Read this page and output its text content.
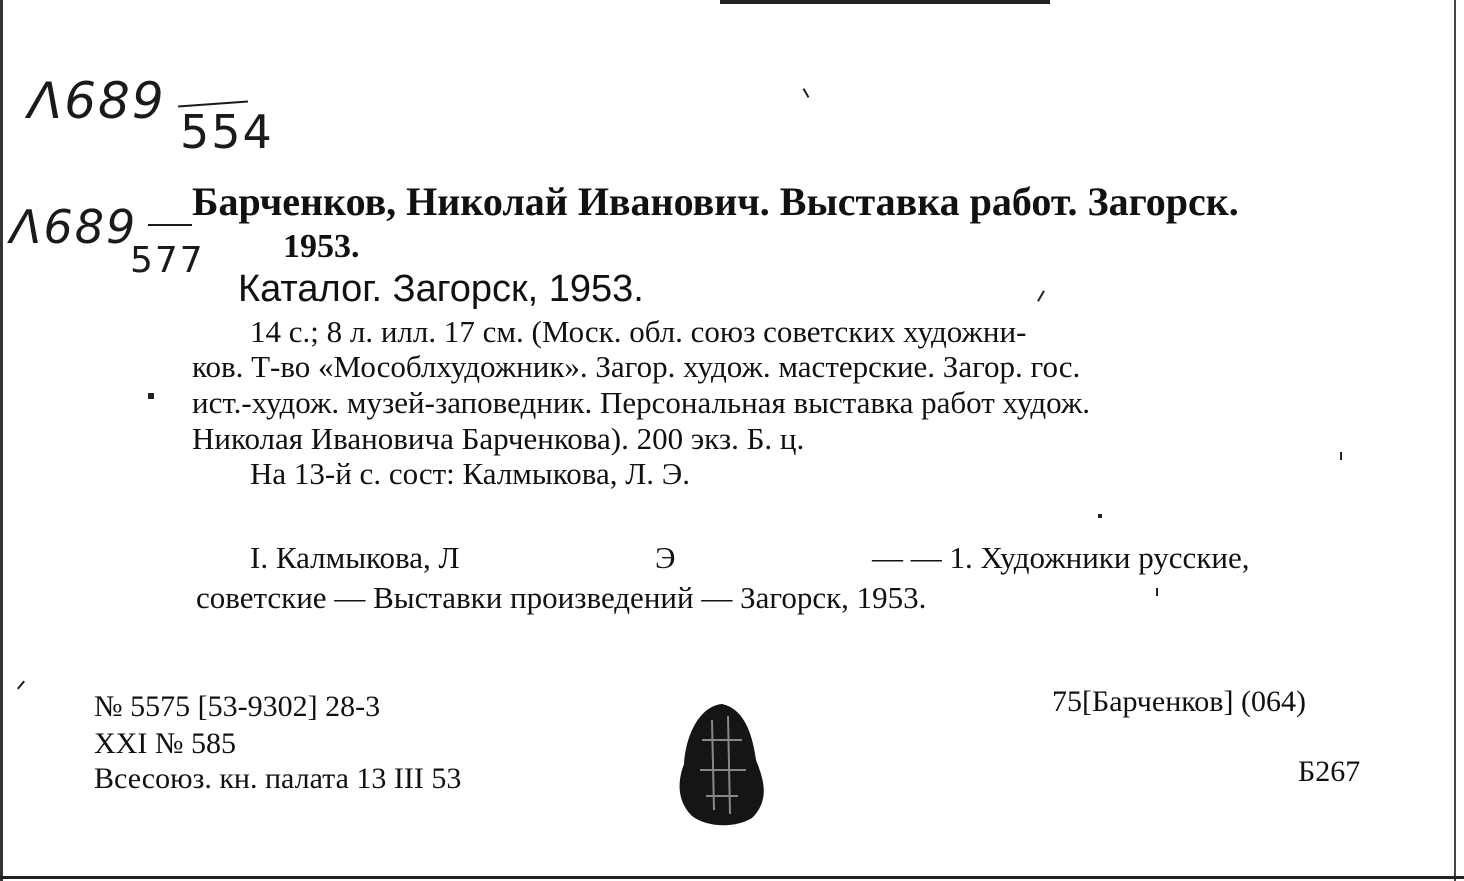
Λ689
554
Λ689
577
Барченков, Николай Иванович. Выставка работ. Загорск.
1953.
Каталог. Загорск, 1953.
14 с.; 8 л. илл. 17 см. (Моск. обл. союз советских художни-
ков. Т-во «Мособлхудожник». Загор. худож. мастерские. Загор. гос.
ист.-худож. музей-заповедник. Персональная выставка работ худож.
Николая Ивановича Барченкова). 200 экз. Б. ц.
На 13-й с. сост: Калмыкова, Л. Э.
I. Калмыкова, Л	Э	— — 1. Художники русские,
советские — Выставки произведений — Загорск, 1953.
№ 5575 [53-9302] 28-3
XXI № 585
Всесоюз. кн. палата 13 III 53
75[Барченков] (064)
Б267
